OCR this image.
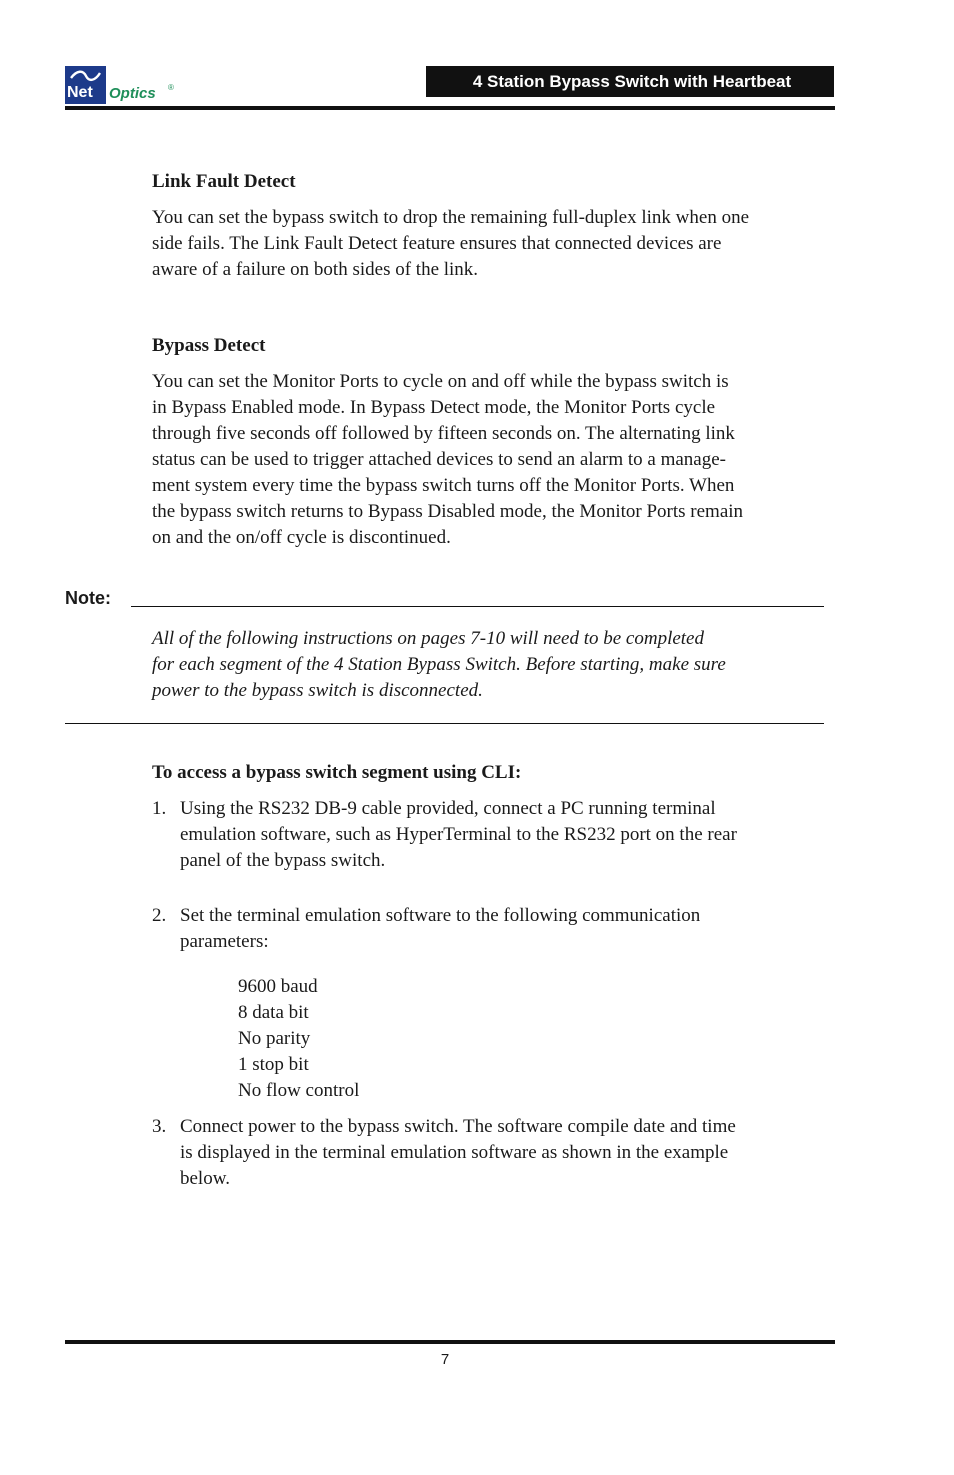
Net Optics ®	4 Station Bypass Switch with Heartbeat
Link Fault Detect
You can set the bypass switch to drop the remaining full-duplex link when one
side fails. The Link Fault Detect feature ensures that connected devices are
aware of a failure on both sides of the link.
Bypass Detect
You can set the Monitor Ports to cycle on and off while the bypass switch is
in Bypass Enabled mode. In Bypass Detect mode, the Monitor Ports cycle
through five seconds off followed by fifteen seconds on. The alternating link
status can be used to trigger attached devices to send an alarm to a manage-
ment system every time the bypass switch turns off the Monitor Ports. When
the bypass switch returns to Bypass Disabled mode, the Monitor Ports remain
on and the on/off cycle is discontinued.
Note:
All of the following instructions on pages 7-10 will need to be completed
for each segment of the 4 Station Bypass Switch. Before starting, make sure
power to the bypass switch is disconnected.
To access a bypass switch segment using CLI:
1. Using the RS232 DB-9 cable provided, connect a PC running terminal
emulation software, such as HyperTerminal to the RS232 port on the rear
panel of the bypass switch.
2. Set the terminal emulation software to the following communication
parameters:
9600 baud
8 data bit
No parity
1 stop bit
No flow control
3. Connect power to the bypass switch. The software compile date and time
is displayed in the terminal emulation software as shown in the example
below.
7
